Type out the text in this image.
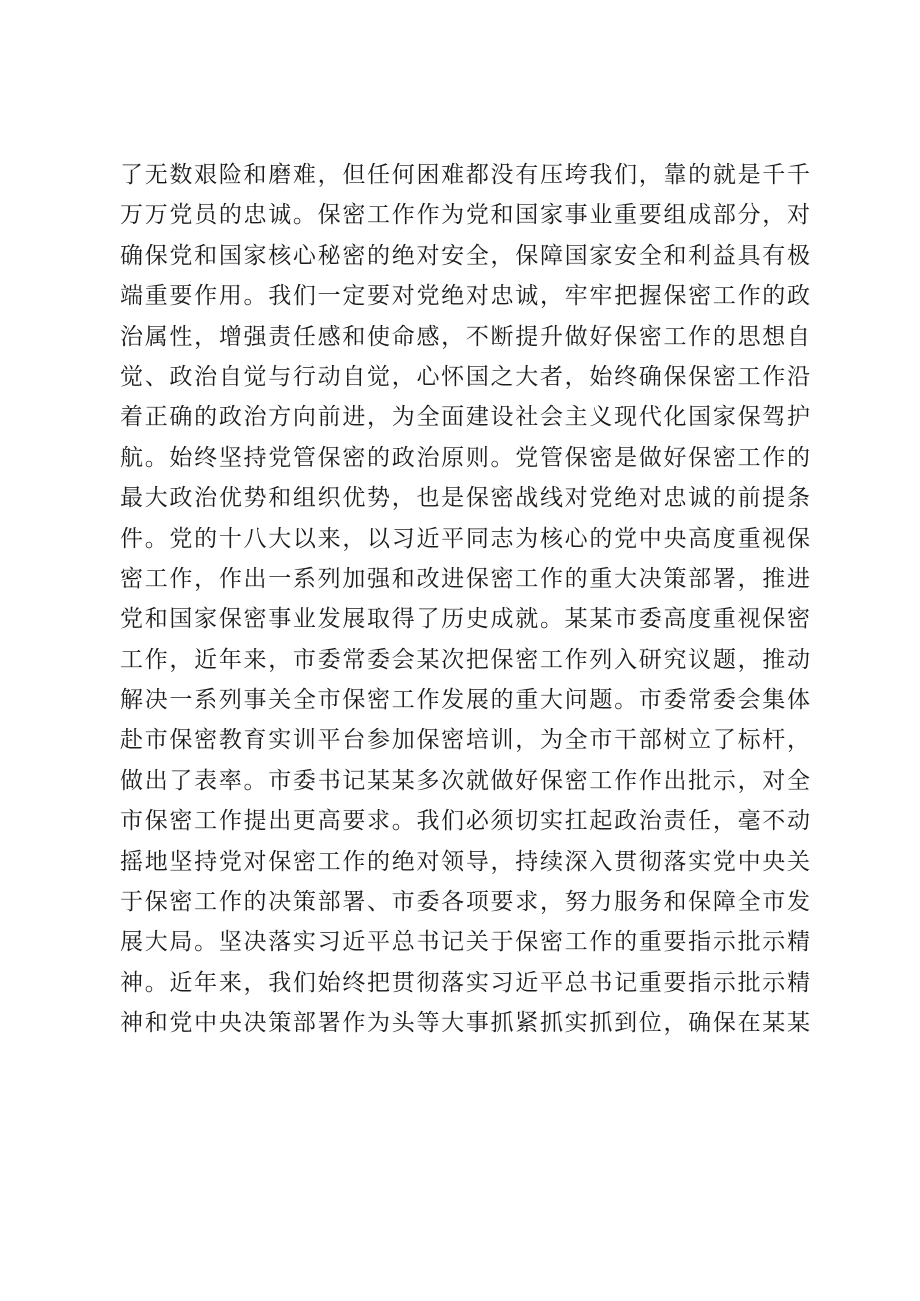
了无数艰险和磨难，但任何困难都没有压垮我们，靠的就是千千
万万党员的忠诚。保密工作作为党和国家事业重要组成部分，对
确保党和国家核心秘密的绝对安全，保障国家安全和利益具有极
端重要作用。我们一定要对党绝对忠诚，牢牢把握保密工作的政
治属性，增强责任感和使命感，不断提升做好保密工作的思想自
觉、政治自觉与行动自觉，心怀国之大者，始终确保保密工作沿
着正确的政治方向前进，为全面建设社会主义现代化国家保驾护
航。始终坚持党管保密的政治原则。党管保密是做好保密工作的
最大政治优势和组织优势，也是保密战线对党绝对忠诚的前提条
件。党的十八大以来，以习近平同志为核心的党中央高度重视保
密工作，作出一系列加强和改进保密工作的重大决策部署，推进
党和国家保密事业发展取得了历史成就。某某市委高度重视保密
工作，近年来，市委常委会某次把保密工作列入研究议题，推动
解决一系列事关全市保密工作发展的重大问题。市委常委会集体
赴市保密教育实训平台参加保密培训，为全市干部树立了标杆，
做出了表率。市委书记某某多次就做好保密工作作出批示，对全
市保密工作提出更高要求。我们必须切实扛起政治责任，毫不动
摇地坚持党对保密工作的绝对领导，持续深入贯彻落实党中央关
于保密工作的决策部署、市委各项要求，努力服务和保障全市发
展大局。坚决落实习近平总书记关于保密工作的重要指示批示精
神。近年来，我们始终把贯彻落实习近平总书记重要指示批示精
神和党中央决策部署作为头等大事抓紧抓实抓到位，确保在某某
